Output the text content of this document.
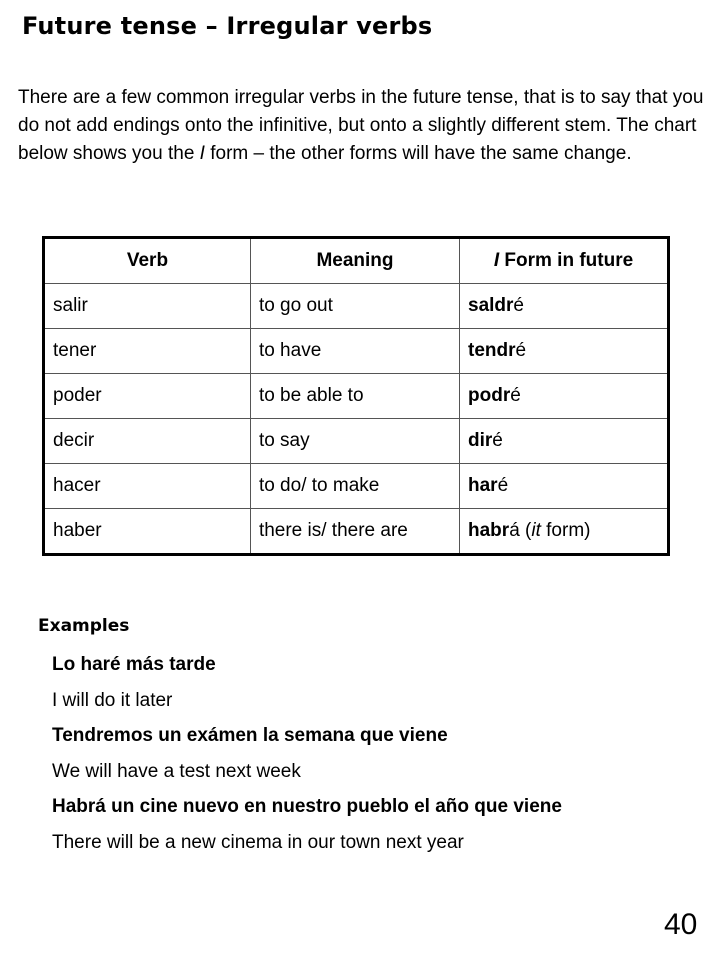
Future tense – Irregular verbs

There are a few common irregular verbs in the future tense, that is to say that you do not add endings onto the infinitive, but onto a slightly different stem. The chart below shows you the I form – the other forms will have the same change.

Verb	Meaning	I Form in future
salir	to go out	saldré
tener	to have	tendré
poder	to be able to	podré
decir	to say	diré
hacer	to do/ to make	haré
haber	there is/ there are	habrá (it form)
Examples

Lo haré más tarde

I will do it later

Tendremos un exámen la semana que viene

We will have a test next week

Habrá un cine nuevo en nuestro pueblo el año que viene

There will be a new cinema in our town next year

40
